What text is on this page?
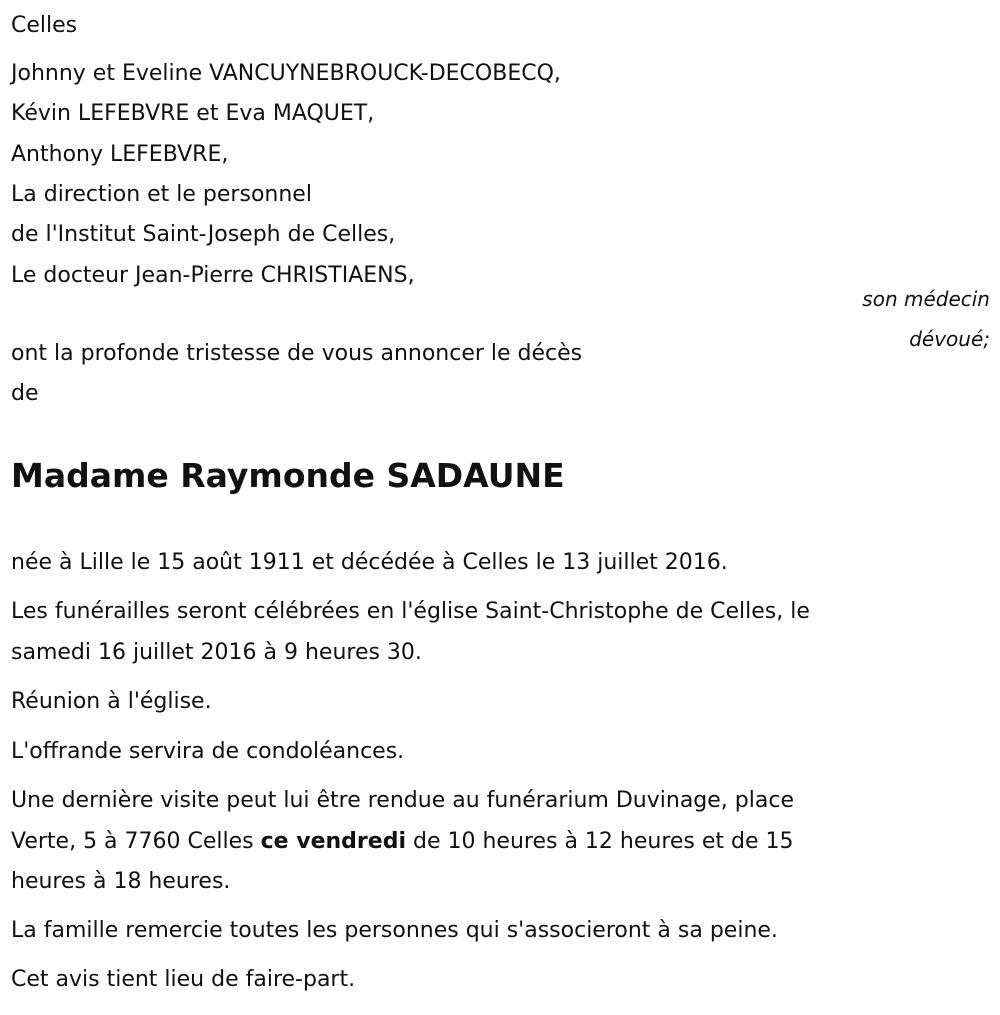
Celles
Johnny et Eveline VANCUYNEBROUCK-DECOBECQ,
Kévin LEFEBVRE et Eva MAQUET,
Anthony LEFEBVRE,
La direction et le personnel
de l'Institut Saint-Joseph de Celles,
Le docteur Jean-Pierre CHRISTIAENS,
son médecin
dévoué;
ont la profonde tristesse de vous annoncer le décès
de
Madame Raymonde SADAUNE
née à Lille le 15 août 1911 et décédée à Celles le 13 juillet 2016.
Les funérailles seront célébrées en l'église Saint-Christophe de Celles, le
samedi 16 juillet 2016 à 9 heures 30.
Réunion à l'église.
L'offrande servira de condoléances.
Une dernière visite peut lui être rendue au funérarium Duvinage, place
Verte, 5 à 7760 Celles ce vendredi de 10 heures à 12 heures et de 15
heures à 18 heures.
La famille remercie toutes les personnes qui s'associeront à sa peine.
Cet avis tient lieu de faire-part.
